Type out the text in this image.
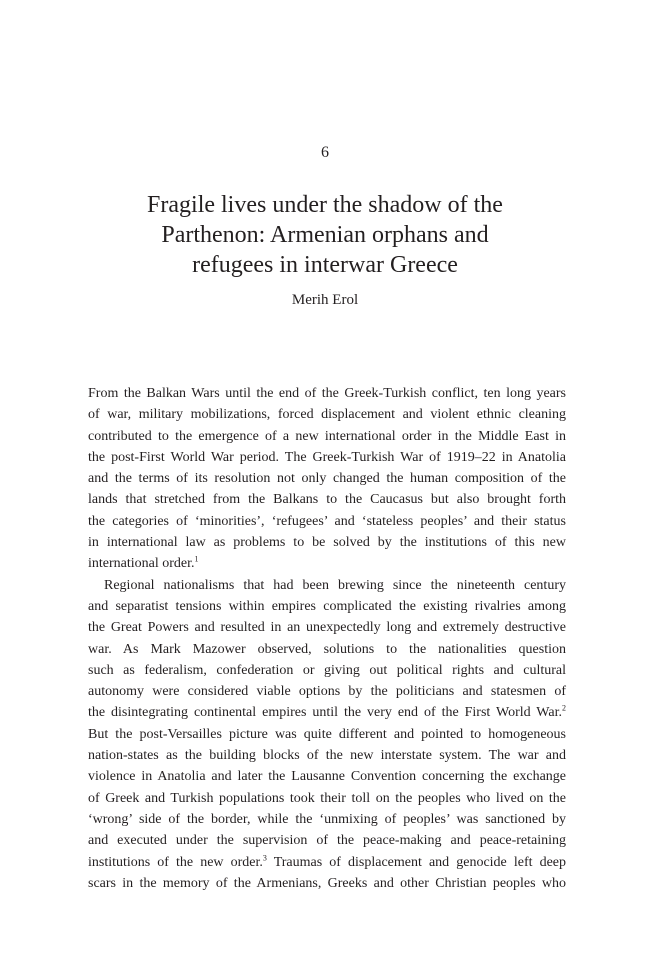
6
Fragile lives under the shadow of the
Parthenon: Armenian orphans and
refugees in interwar Greece
Merih Erol
From the Balkan Wars until the end of the Greek-Turkish conflict, ten long years
of war, military mobilizations, forced displacement and violent ethnic cleaning
contributed to the emergence of a new international order in the Middle East in
the post-First World War period. The Greek-Turkish War of 1919–22 in Anatolia
and the terms of its resolution not only changed the human composition of the
lands that stretched from the Balkans to the Caucasus but also brought forth
the categories of ‘minorities’, ‘refugees’ and ‘stateless peoples’ and their status
in international law as problems to be solved by the institutions of this new
international order.$^1$
Regional nationalisms that had been brewing since the nineteenth century
and separatist tensions within empires complicated the existing rivalries among
the Great Powers and resulted in an unexpectedly long and extremely destructive
war. As Mark Mazower observed, solutions to the nationalities question
such as federalism, confederation or giving out political rights and cultural
autonomy were considered viable options by the politicians and statesmen of
the disintegrating continental empires until the very end of the First World War.$^2$
But the post-Versailles picture was quite different and pointed to homogeneous
nation-states as the building blocks of the new interstate system. The war and
violence in Anatolia and later the Lausanne Convention concerning the exchange
of Greek and Turkish populations took their toll on the peoples who lived on the
‘wrong’ side of the border, while the ‘unmixing of peoples’ was sanctioned by
and executed under the supervision of the peace-making and peace-retaining
institutions of the new order.$^3$ Traumas of displacement and genocide left deep
scars in the memory of the Armenians, Greeks and other Christian peoples who
